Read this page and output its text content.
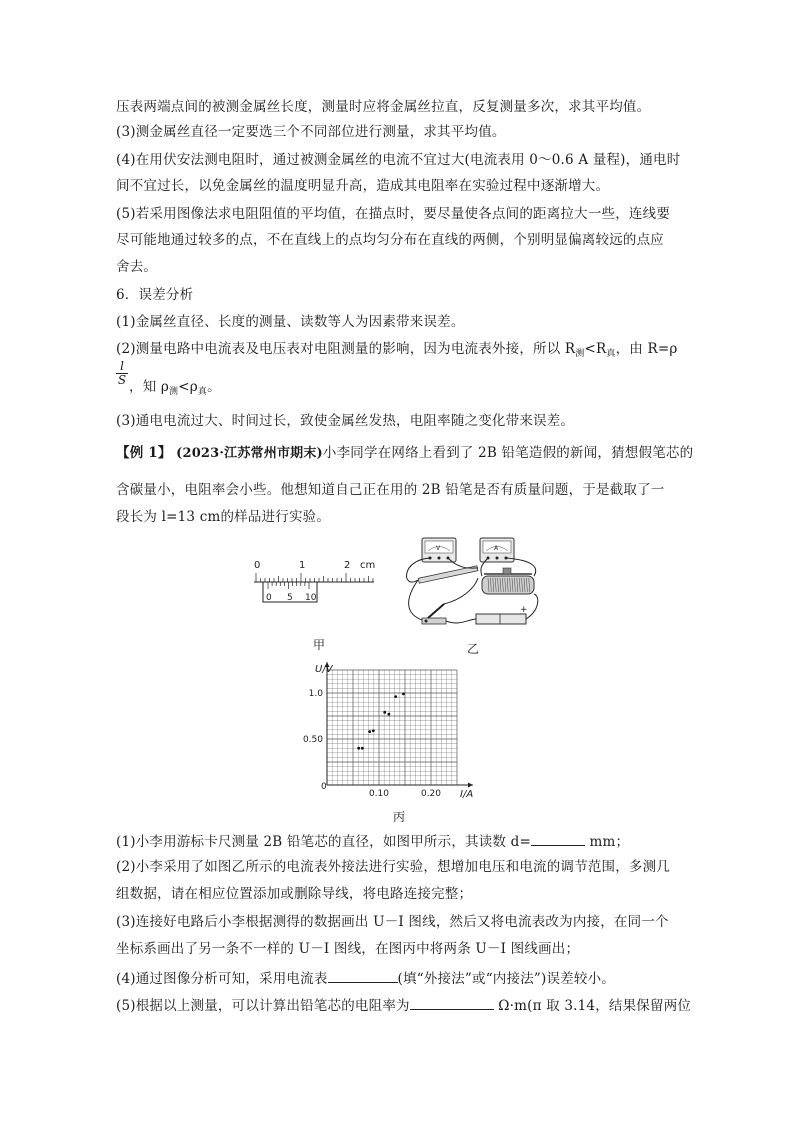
压表两端点间的被测金属丝长度，测量时应将金属丝拉直，反复测量多次，求其平均值。
(3)测金属丝直径一定要选三个不同部位进行测量，求其平均值。
(4)在用伏安法测电阻时，通过被测金属丝的电流不宜过大(电流表用 0～0.6 A 量程)，通电时
间不宜过长，以免金属丝的温度明显升高，造成其电阻率在实验过程中逐渐增大。
(5)若采用图像法求电阻阻值的平均值，在描点时，要尽量使各点间的距离拉大一些，连线要
尽可能地通过较多的点，不在直线上的点均匀分布在直线的两侧，个别明显偏离较远的点应
舍去。
6．误差分析
(1)金属丝直径、长度的测量、读数等人为因素带来误差。
(2)测量电路中电流表及电压表对电阻测量的影响，因为电流表外接，所以 $R_测<R_真$，由 R=ρ
l
S ，知 $\rho_测<\rho_真$。
(3)通电电流过大、时间过长，致使金属丝发热，电阻率随之变化带来误差。
【例 1】 (2023·江苏常州市期末)小李同学在网络上看到了 2B 铅笔造假的新闻，猜想假笔芯的
含碳量小，电阻率会小些。他想知道自己正在用的 2B 铅笔是否有质量问题，于是截取了一
段长为 l=13 cm的样品进行实验。
0	1	2 cm
0 5 10
甲
V	A
+
乙
0.10	0.20
0.50
1.0
U/V
I/A
0
丙
(1)小李用游标卡尺测量 2B 铅笔芯的直径，如图甲所示，其读数 d=	mm；
(2)小李采用了如图乙所示的电流表外接法进行实验，想增加电压和电流的调节范围，多测几
组数据，请在相应位置添加或删除导线，将电路连接完整；
(3)连接好电路后小李根据测得的数据画出 U－I 图线，然后又将电流表改为内接，在同一个
坐标系画出了另一条不一样的 U－I 图线，在图丙中将两条 U－I 图线画出；
(4)通过图像分析可知，采用电流表	(填“外接法”或“内接法”)误差较小。
(5)根据以上测量，可以计算出铅笔芯的电阻率为	Ω·m(π 取 3.14，结果保留两位
